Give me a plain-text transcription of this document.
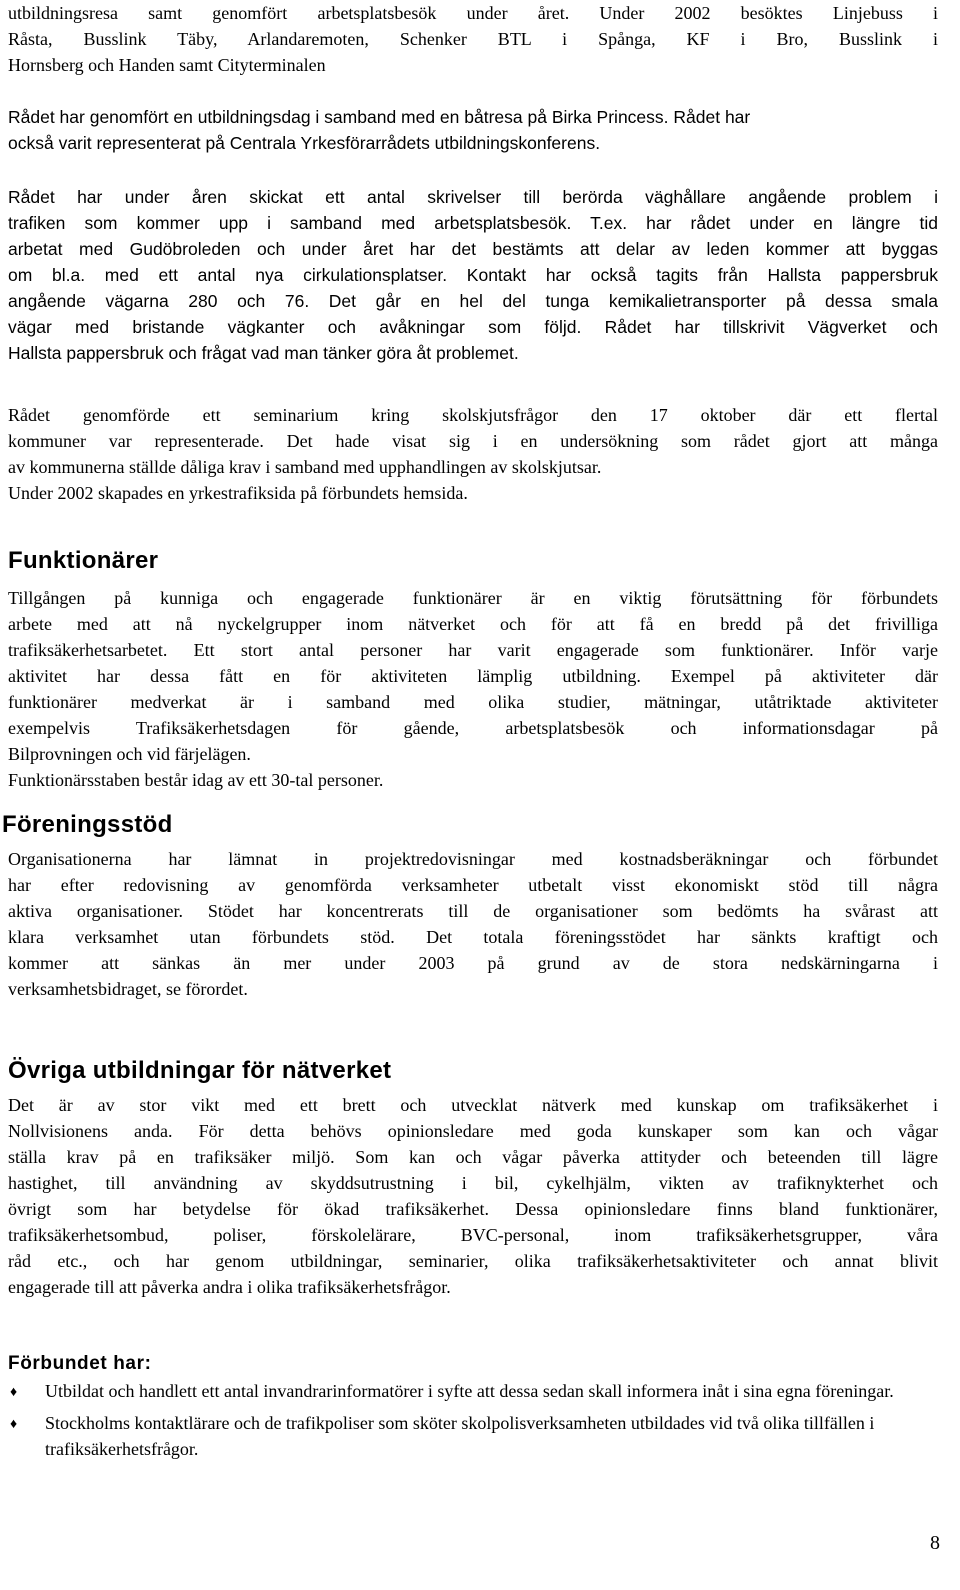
utbildningsresa samt genomfört arbetsplatsbesök under året. Under 2002 besöktes Linjebuss i
Råsta, Busslink Täby, Arlandaremoten, Schenker BTL i Spånga, KF i Bro, Busslink i
Hornsberg och Handen samt Cityterminalen
Rådet har genomfört en utbildningsdag i samband med en båtresa på Birka Princess. Rådet har
också varit representerat på Centrala Yrkesförarrådets utbildningskonferens.
Rådet har under åren skickat ett antal skrivelser till berörda väghållare angående problem i
trafiken som kommer upp i samband med arbetsplatsbesök. T.ex. har rådet under en längre tid
arbetat med Gudöbroleden och under året har det bestämts att delar av leden kommer att byggas
om bl.a. med ett antal nya cirkulationsplatser. Kontakt har också tagits från Hallsta pappersbruk
angående vägarna 280 och 76. Det går en hel del tunga kemikalietransporter på dessa smala
vägar med bristande vägkanter och avåkningar som följd. Rådet har tillskrivit Vägverket och
Hallsta pappersbruk och frågat vad man tänker göra åt problemet.
Rådet genomförde ett seminarium kring skolskjutsfrågor den 17 oktober där ett flertal
kommuner var representerade. Det hade visat sig i en undersökning som rådet gjort att många
av kommunerna ställde dåliga krav i samband med upphandlingen av skolskjutsar.
Under 2002 skapades en yrkestrafiksida på förbundets hemsida.
Funktionärer
Tillgången på kunniga och engagerade funktionärer är en viktig förutsättning för förbundets
arbete med att nå nyckelgrupper inom nätverket och för att få en bredd på det frivilliga
trafiksäkerhetsarbetet. Ett stort antal personer har varit engagerade som funktionärer. Inför varje
aktivitet har dessa fått en för aktiviteten lämplig utbildning. Exempel på aktiviteter där
funktionärer medverkat är i samband med olika studier, mätningar, utåtriktade aktiviteter
exempelvis Trafiksäkerhetsdagen för gående, arbetsplatsbesök och informationsdagar på
Bilprovningen och vid färjelägen.
Funktionärsstaben består idag av ett 30-tal personer.
Föreningsstöd
Organisationerna har lämnat in projektredovisningar med kostnadsberäkningar och förbundet
har efter redovisning av genomförda verksamheter utbetalt visst ekonomiskt stöd till några
aktiva organisationer. Stödet har koncentrerats till de organisationer som bedömts ha svårast att
klara verksamhet utan förbundets stöd. Det totala föreningsstödet har sänkts kraftigt och
kommer att sänkas än mer under 2003 på grund av de stora nedskärningarna i
verksamhetsbidraget, se förordet.
Övriga utbildningar för nätverket
Det är av stor vikt med ett brett och utvecklat nätverk med kunskap om trafiksäkerhet i
Nollvisionens anda. För detta behövs opinionsledare med goda kunskaper som kan och vågar
ställa krav på en trafiksäker miljö. Som kan och vågar påverka attityder och beteenden till lägre
hastighet, till användning av skyddsutrustning i bil, cykelhjälm, vikten av trafiknykterhet och
övrigt som har betydelse för ökad trafiksäkerhet. Dessa opinionsledare finns bland funktionärer,
trafiksäkerhetsombud, poliser, förskolelärare, BVC-personal, inom trafiksäkerhetsgrupper, våra
råd etc., och har genom utbildningar, seminarier, olika trafiksäkerhetsaktiviteter och annat blivit
engagerade till att påverka andra i olika trafiksäkerhetsfrågor.
Förbundet har:
♦ Utbildat och handlett ett antal invandrarinformatörer i syfte att dessa sedan skall informera inåt i sina egna föreningar.
♦ Stockholms kontaktlärare och de trafikpoliser som sköter skolpolisverksamheten utbildades vid två olika tillfällen i trafiksäkerhetsfrågor.
8
